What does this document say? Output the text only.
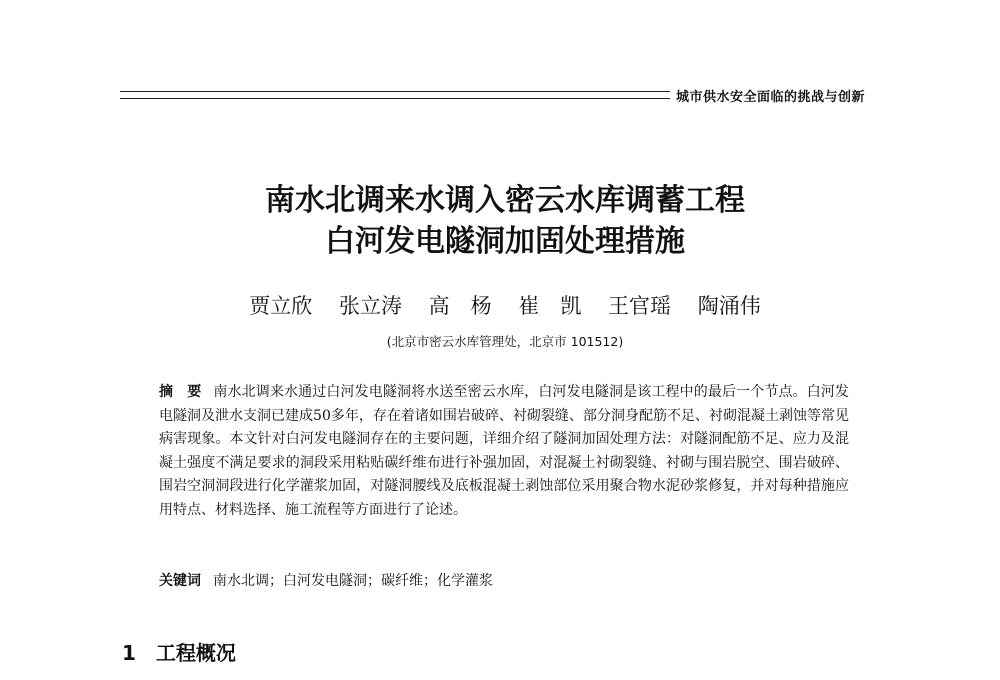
城市供水安全面临的挑战与创新
南水北调来水调入密云水库调蓄工程
白河发电隧洞加固处理措施
贾立欣 张立涛 高　杨 崔　凯 王官瑶 陶涌伟
(北京市密云水库管理处，北京市 101512)
摘　要 南水北调来水通过白河发电隧洞将水送至密云水库，白河发电隧洞是该工程中的最后一个节点。白河发电隧洞及泄水支洞已建成50多年，存在着诸如围岩破碎、衬砌裂缝、部分洞身配筋不足、衬砌混凝土剥蚀等常见病害现象。本文针对白河发电隧洞存在的主要问题，详细介绍了隧洞加固处理方法：对隧洞配筋不足、应力及混凝土强度不满足要求的洞段采用粘贴碳纤维布进行补强加固，对混凝土衬砌裂缝、衬砌与围岩脱空、围岩破碎、围岩空洞洞段进行化学灌浆加固，对隧洞腰线及底板混凝土剥蚀部位采用聚合物水泥砂浆修复，并对每种措施应用特点、材料选择、施工流程等方面进行了论述。
关键词 南水北调；白河发电隧洞；碳纤维；化学灌浆
1 工程概况
